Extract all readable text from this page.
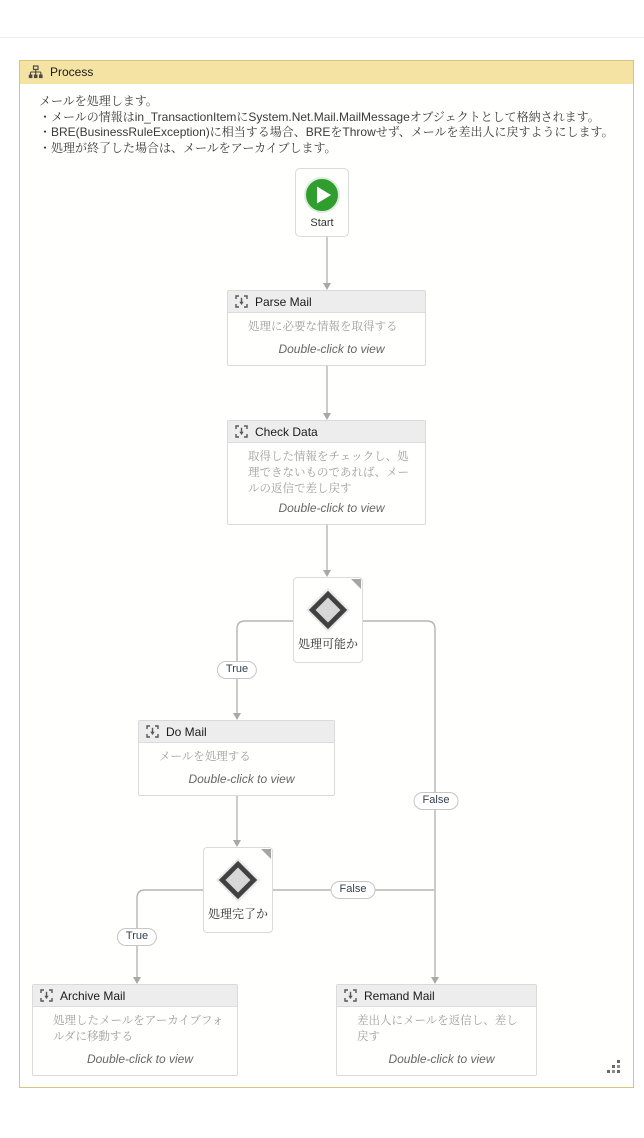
Process
メールを処理します。
・メールの情報はin_TransactionItemにSystem.Net.Mail.MailMessageオブジェクトとして格納されます。
・BRE(BusinessRuleException)に相当する場合、BREをThrowせず、メールを差出人に戻すようにします。
・処理が終了した場合は、メールをアーカイブします。
Start
Parse Mail
処理に必要な情報を取得する
Double-click to view
Check Data
取得した情報をチェックし、処理できないものであれば、メールの返信で差し戻す
Double-click to view
処理可能か
Do Mail
メールを処理する
Double-click to view
処理完了か
Archive Mail
処理したメールをアーカイブフォルダに移動する
Double-click to view
Remand Mail
差出人にメールを返信し、差し戻す
Double-click to view
True
False
True
False
